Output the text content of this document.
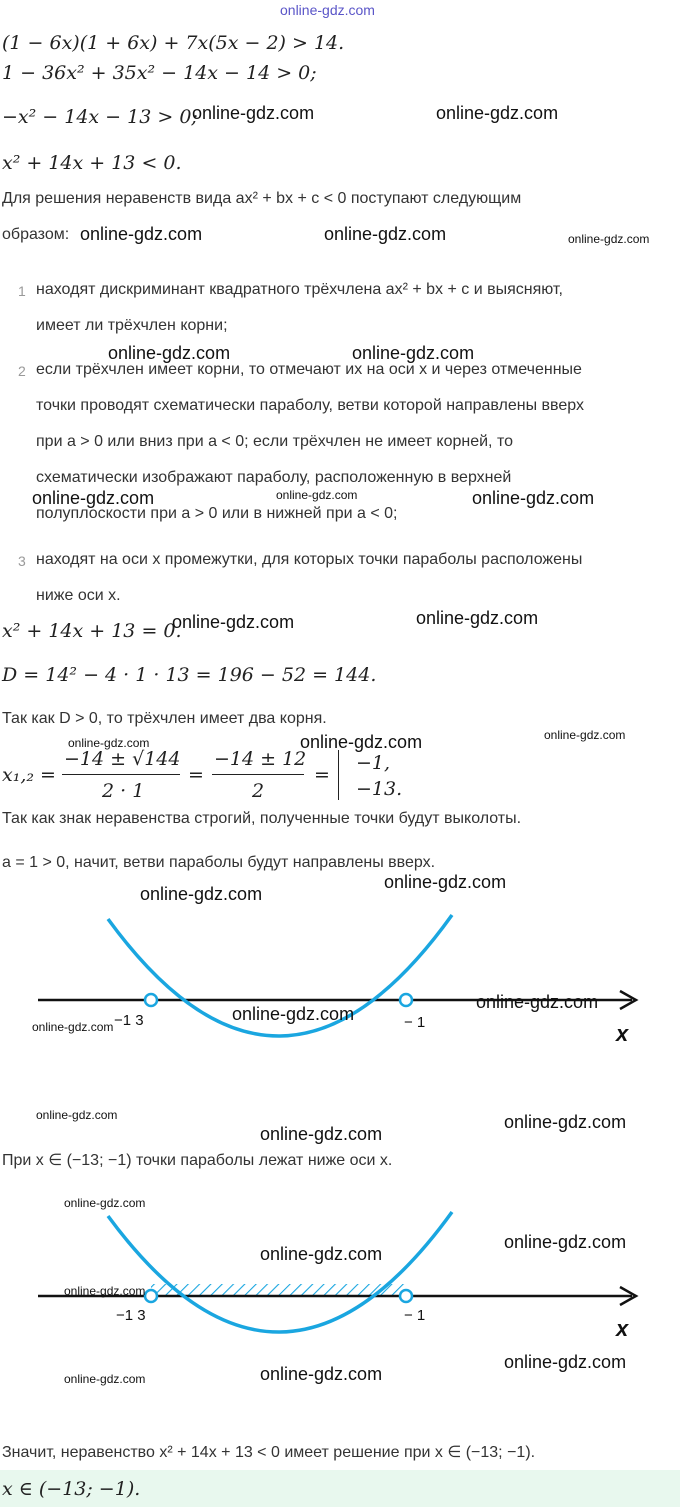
online-gdz.com
(1 − 6x)(1 + 6x) + 7x(5x − 2) > 14.
1 − 36x² + 35x² − 14x − 14 > 0;
−x² − 14x − 13 > 0;
x² + 14x + 13 < 0.
Для решения неравенств вида ax² + bx + c < 0 поступают следующим
образом:
1 находят дискриминант квадратного трёхчлена ax² + bx + c и выясняют,
имеет ли трёхчлен корни;
2 если трёхчлен имеет корни, то отмечают их на оси x и через отмеченные
точки проводят схематически параболу, ветви которой направлены вверх
при a > 0 или вниз при a < 0; если трёхчлен не имеет корней, то
схематически изображают параболу, расположенную в верхней
полуплоскости при a > 0 или в нижней при a < 0;
3 находят на оси x промежутки, для которых точки параболы расположены
ниже оси x.
x² + 14x + 13 = 0.
D = 14² − 4 · 1 · 13 = 196 − 52 = 144.
Так как D > 0, то трёхчлен имеет два корня.
x₁,₂ =
−14 ± √144
2 · 1
=
−14 ± 12
2
=
−1,
−13.
Так как знак неравенства строгий, полученные точки будут выколоты.
a = 1 > 0, начит, ветви параболы будут направлены вверх.
−1 3	− 1	x
При x ∈ (−13; −1) точки параболы лежат ниже оси x.
−1 3	− 1
x
Значит, неравенство x² + 14x + 13 < 0 имеет решение при x ∈ (−13; −1).
x ∈ (−13; −1).
online-gdz.com	online-gdz.com
online-gdz.com	online-gdz.com	online-gdz.com
online-gdz.com	online-gdz.com
online-gdz.com	online-gdz.com	online-gdz.com
online-gdz.com	online-gdz.com
online-gdz.com	online-gdz.com	online-gdz.com
online-gdz.com
online-gdz.com
online-gdz.com
online-gdz.com
online-gdz.com
online-gdz.com	online-gdz.com
online-gdz.com
online-gdz.com
online-gdz.com
online-gdz.com
online-gdz.com
online-gdz.com
online-gdz.com
online-gdz.com
